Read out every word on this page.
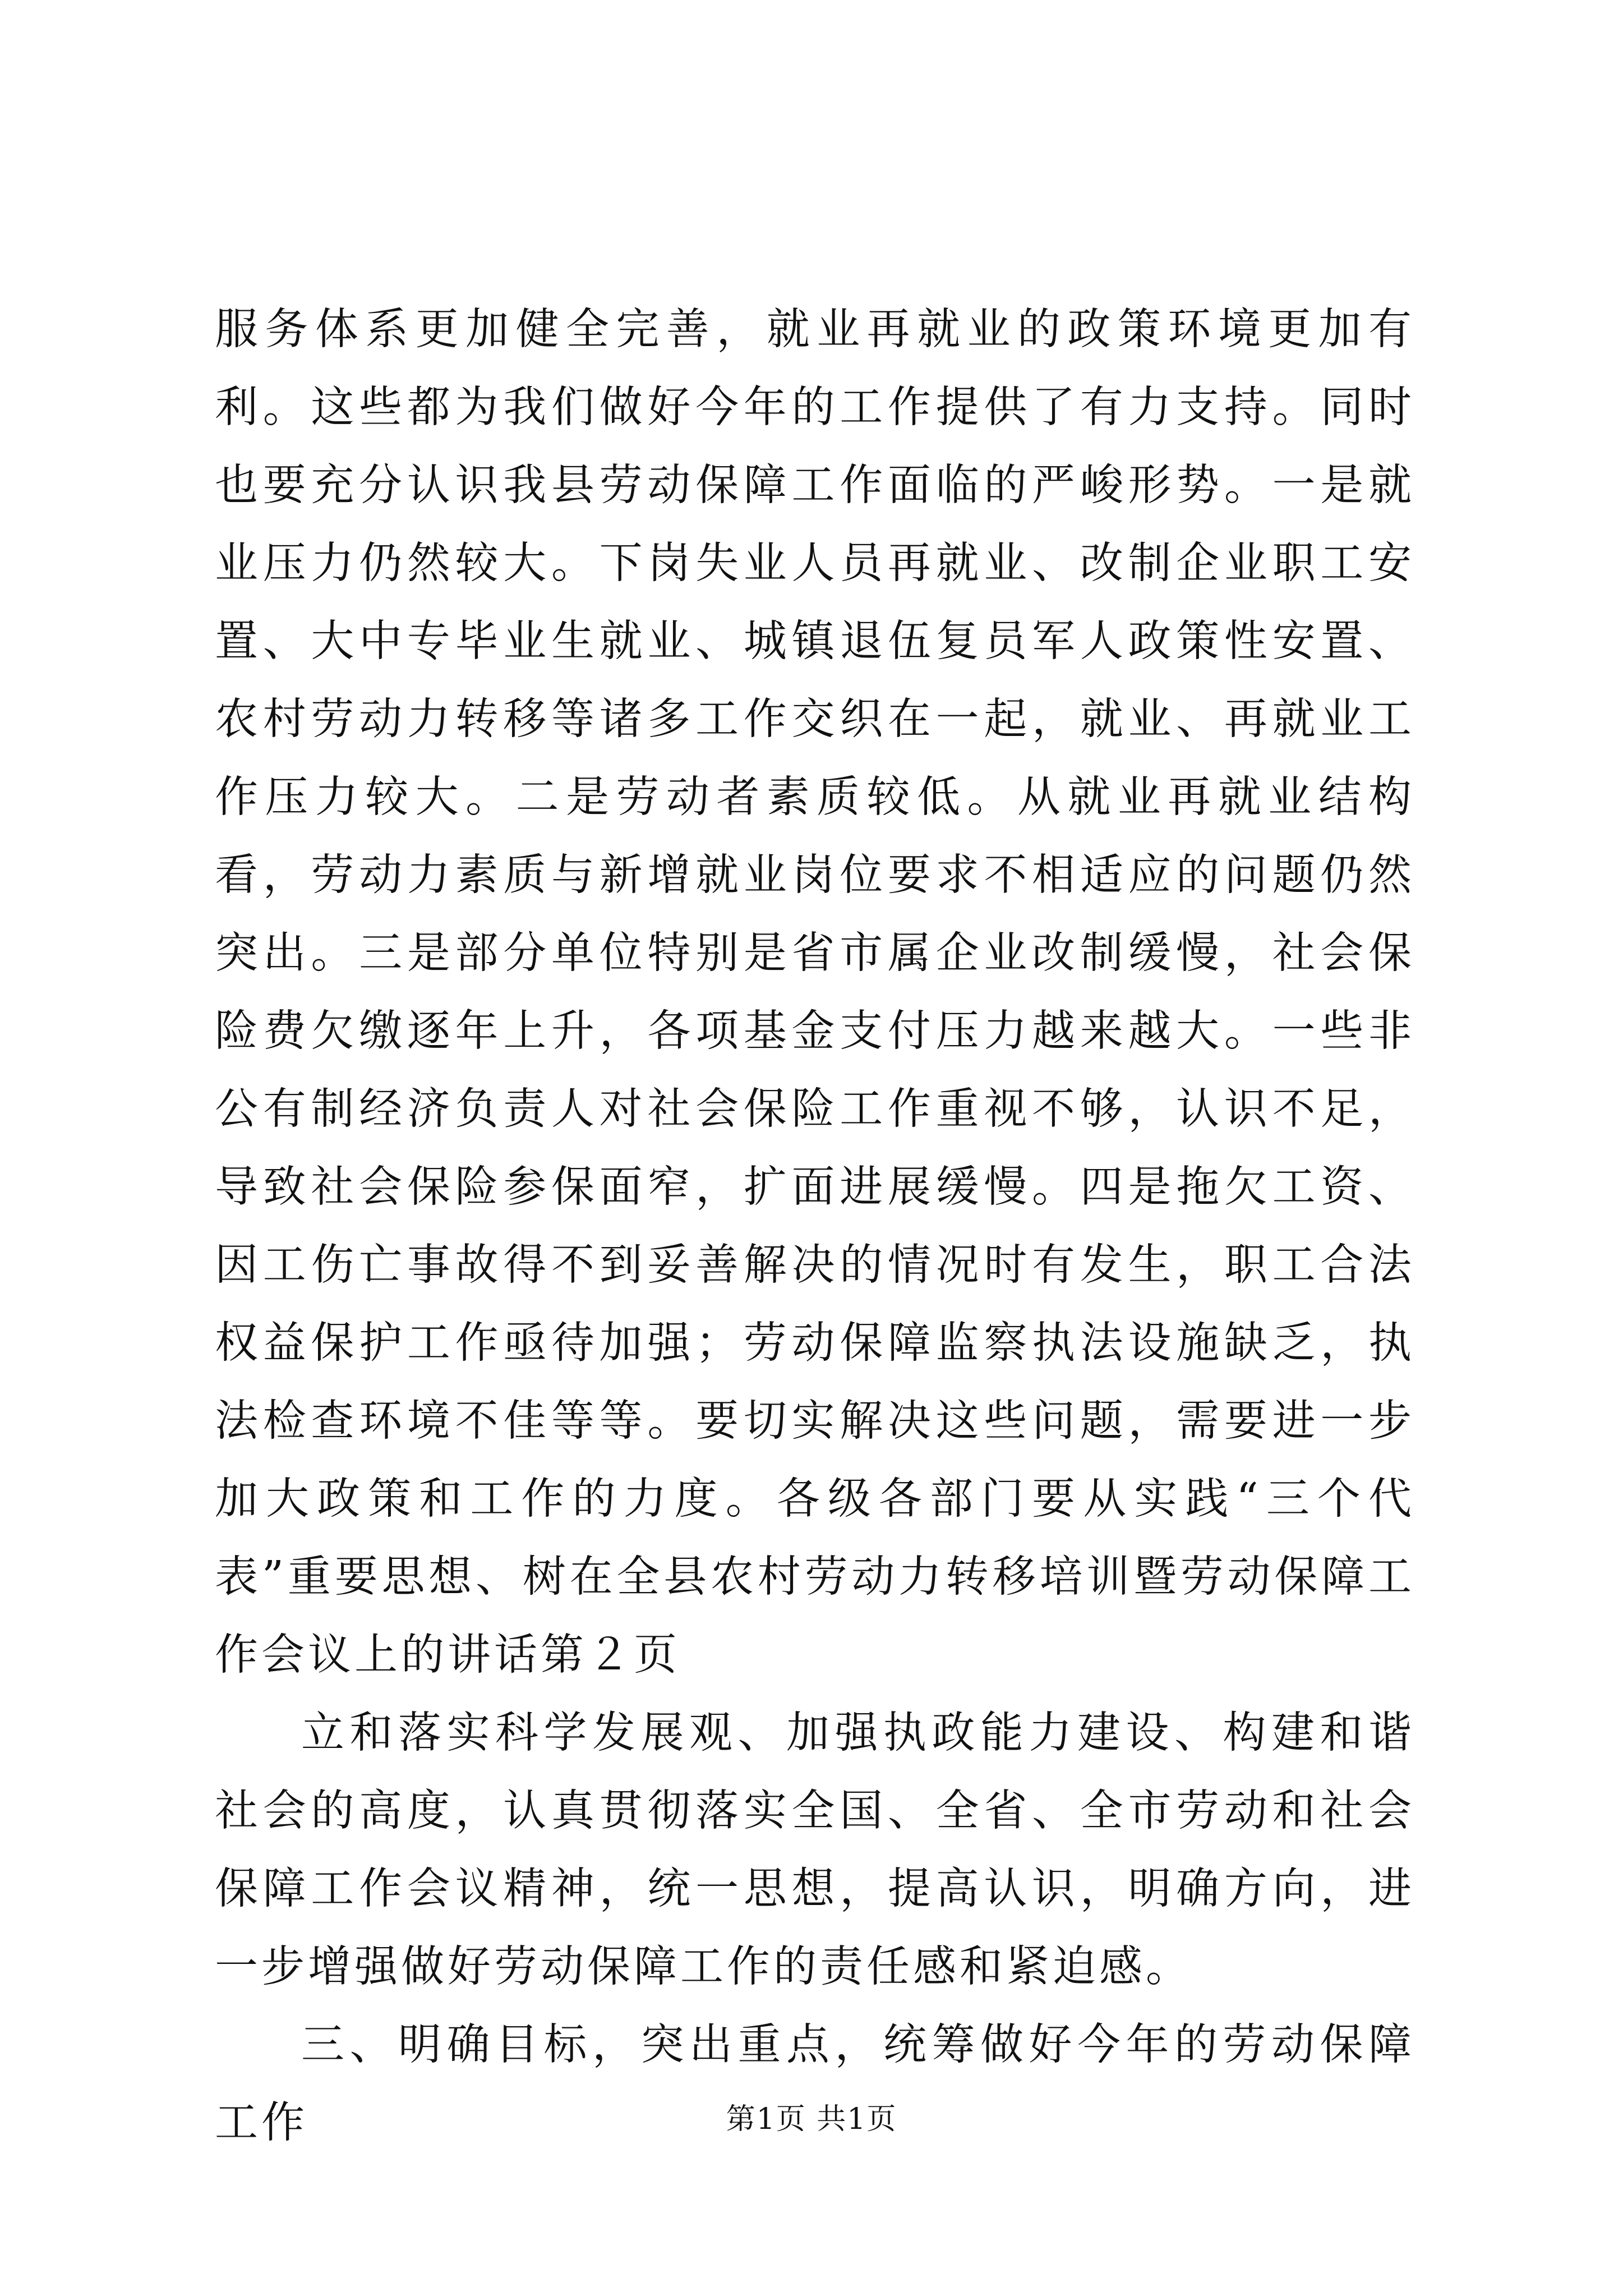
服务体系更加健全完善，就业再就业的政策环境更加有利。这些都为我们做好今年的工作提供了有力支持。同时也要充分认识我县劳动保障工作面临的严峻形势。一是就业压力仍然较大。下岗失业人员再就业、改制企业职工安置、大中专毕业生就业、城镇退伍复员军人政策性安置、农村劳动力转移等诸多工作交织在一起，就业、再就业工作压力较大。二是劳动者素质较低。从就业再就业结构看，劳动力素质与新增就业岗位要求不相适应的问题仍然突出。三是部分单位特别是省市属企业改制缓慢，社会保险费欠缴逐年上升，各项基金支付压力越来越大。一些非公有制经济负责人对社会保险工作重视不够，认识不足，导致社会保险参保面窄，扩面进展缓慢。四是拖欠工资、因工伤亡事故得不到妥善解决的情况时有发生，职工合法权益保护工作亟待加强；劳动保障监察执法设施缺乏，执法检查环境不佳等等。要切实解决这些问题，需要进一步加大政策和工作的力度。各级各部门要从实践“三个代表”重要思想、树在全县农村劳动力转移培训暨劳动保障工作会议上的讲话第２页

立和落实科学发展观、加强执政能力建设、构建和谐社会的高度，认真贯彻落实全国、全省、全市劳动和社会保障工作会议精神，统一思想，提高认识，明确方向，进一步增强做好劳动保障工作的责任感和紧迫感。

三、明确目标，突出重点，统筹做好今年的劳动保障工作	第1页 共1页
